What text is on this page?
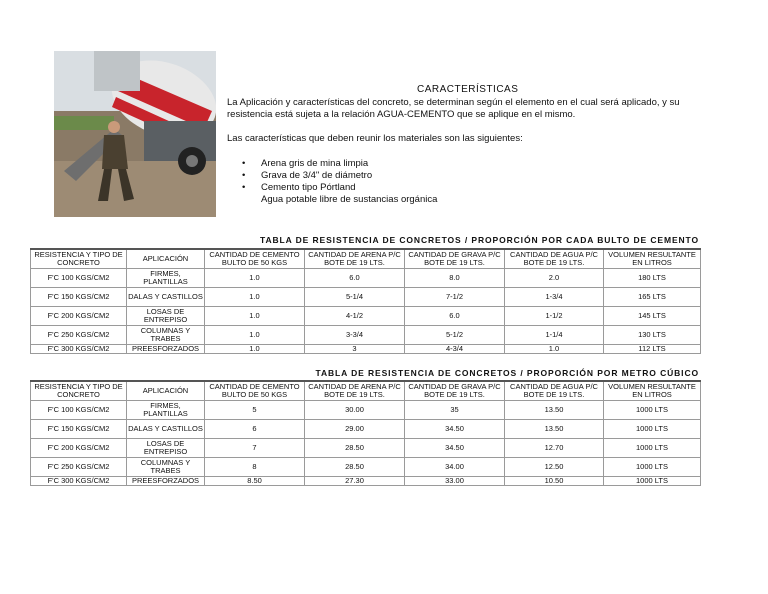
CARACTERÍSTICAS
La Aplicación y características del concreto, se determinan según el elemento en el cual será aplicado, y su resistencia está sujeta a la relación AGUA-CEMENTO que se aplique en el mismo.
Las características que deben reunir los materiales son las siguientes:
• Arena gris de mina limpia
• Grava de 3/4" de diámetro
• Cemento tipo Pórtland
Agua potable libre de sustancias orgánica
TABLA DE RESISTENCIA DE CONCRETOS / PROPORCIÓN POR CADA BULTO DE CEMENTO
RESISTENCIA Y TIPO DE CONCRETO	APLICACIÓN	CANTIDAD DE CEMENTO BULTO DE 50 KGS	CANTIDAD DE ARENA P/C BOTE DE 19 LTS.	CANTIDAD DE GRAVA P/C BOTE DE 19 LTS.	CANTIDAD DE AGUA P/C BOTE DE 19 LTS.	VOLUMEN RESULTANTE EN LITROS
F'C 100 KGS/CM2	FIRMES, PLANTILLAS	1.0	6.0	8.0	2.0	180 LTS
F'C 150 KGS/CM2	DALAS Y CASTILLOS	1.0	5-1/4	7-1/2	1-3/4	165 LTS
F'C 200 KGS/CM2	LOSAS DE ENTREPISO	1.0	4-1/2	6.0	1-1/2	145 LTS
F'C 250 KGS/CM2	COLUMNAS Y TRABES	1.0	3-3/4	5-1/2	1-1/4	130 LTS
F'C 300 KGS/CM2	PREESFORZADOS	1.0	3	4-3/4	1.0	112 LTS
TABLA DE RESISTENCIA DE CONCRETOS / PROPORCIÓN POR METRO CÚBICO
RESISTENCIA Y TIPO DE CONCRETO	APLICACIÓN	CANTIDAD DE CEMENTO BULTO DE 50 KGS	CANTIDAD DE ARENA P/C BOTE DE 19 LTS.	CANTIDAD DE GRAVA P/C BOTE DE 19 LTS.	CANTIDAD DE AGUA P/C BOTE DE 19 LTS.	VOLUMEN RESULTANTE EN LITROS
F'C 100 KGS/CM2	FIRMES, PLANTILLAS	5	30.00	35	13.50	1000 LTS
F'C 150 KGS/CM2	DALAS Y CASTILLOS	6	29.00	34.50	13.50	1000 LTS
F'C 200 KGS/CM2	LOSAS DE ENTREPISO	7	28.50	34.50	12.70	1000 LTS
F'C 250 KGS/CM2	COLUMNAS Y TRABES	8	28.50	34.00	12.50	1000 LTS
F'C 300 KGS/CM2	PREESFORZADOS	8.50	27.30	33.00	10.50	1000 LTS
